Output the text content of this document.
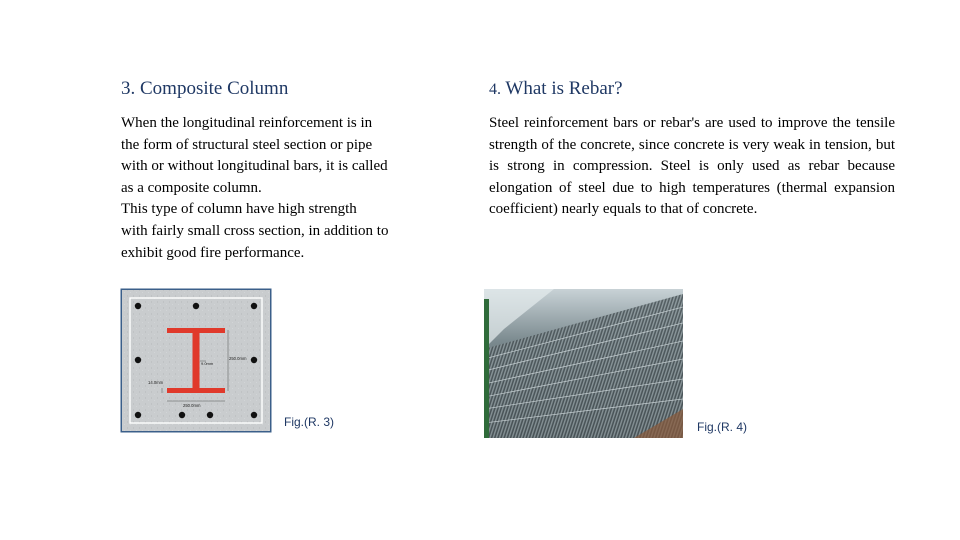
3. Composite Column
When the longitudinal reinforcement is in
the form of structural steel section or pipe
with or without longitudinal bars, it is called
as a composite column.
This type of column have high strength
with fairly small cross section, in addition to
exhibit good fire performance.
4. What is Rebar?

Steel reinforcement bars or rebar's are used to improve the tensile strength of the concrete, since concrete is very weak in tension, but is strong in compression. Steel is only used as rebar because elongation of steel due to high temperatures (thermal expansion coefficient) nearly equals to that of concrete.

250.0mm
9.0mm
14.0mm
250.0mm
Fig.(R. 3)	Fig.(R. 4)
